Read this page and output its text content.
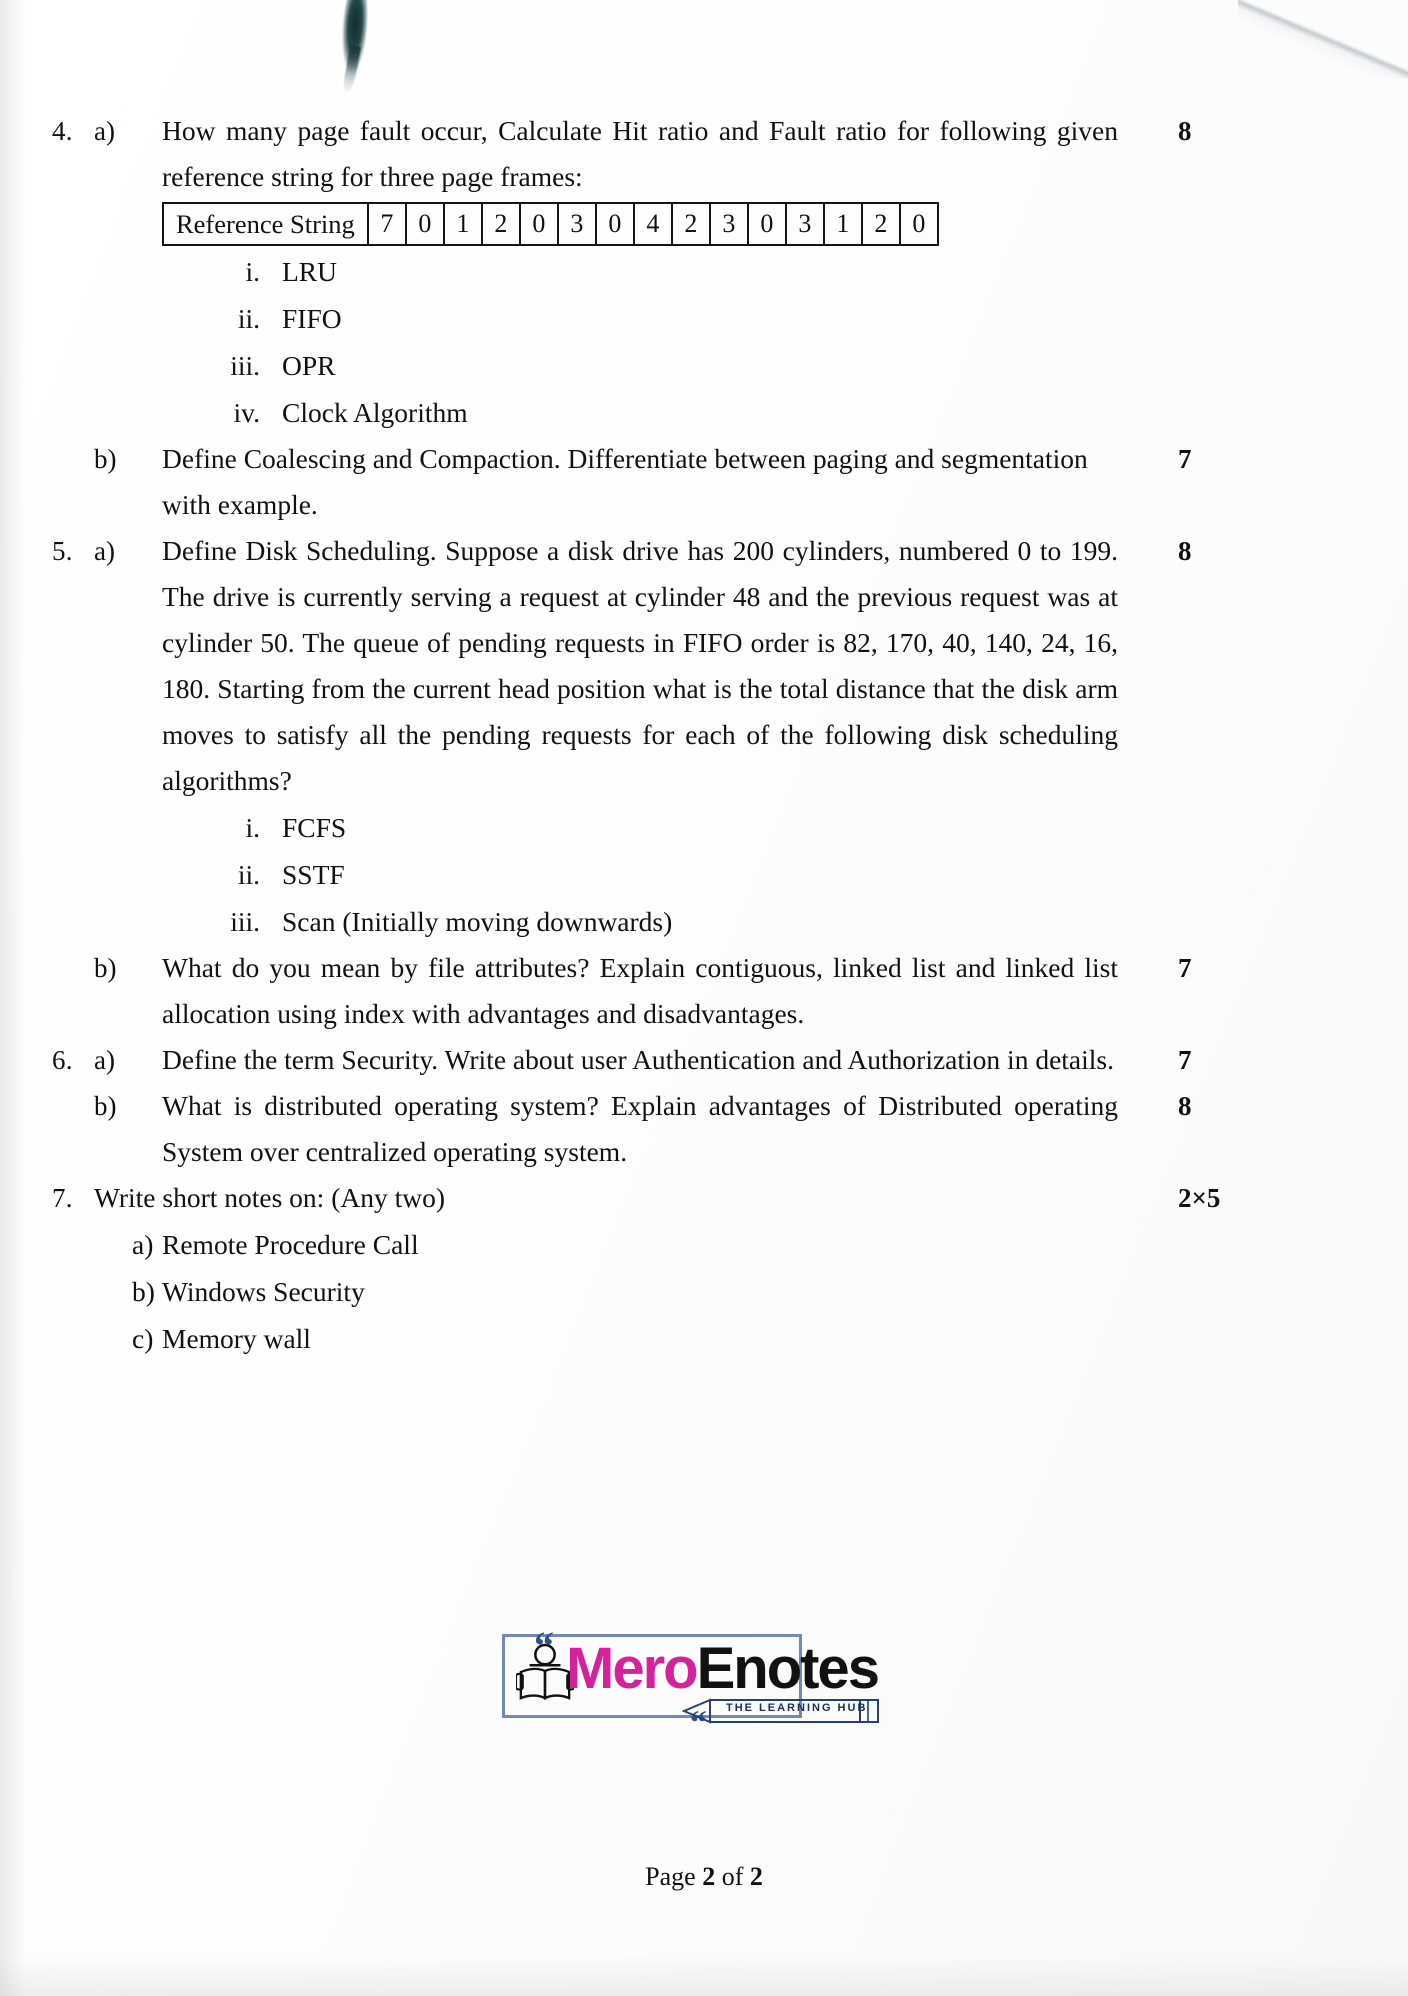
4. a)	How many page fault occur, Calculate Hit ratio and Fault ratio for following given reference string for three page frames:
8
Reference String	7	0	1	2	0	3	0	4	2	3	0	3	1	2	0
i. LRU
ii. FIFO
iii. OPR
iv. Clock Algorithm
b)	Define Coalescing and Compaction. Differentiate between paging and segmentation with example.
7
5. a)	Define Disk Scheduling. Suppose a disk drive has 200 cylinders, numbered 0 to 199. The drive is currently serving a request at cylinder 48 and the previous request was at cylinder 50. The queue of pending requests in FIFO order is 82, 170, 40, 140, 24, 16, 180. Starting from the current head position what is the total distance that the disk arm moves to satisfy all the pending requests for each of the following disk scheduling algorithms?
8
i. FCFS
ii. SSTF
iii. Scan (Initially moving downwards)
b)	What do you mean by file attributes? Explain contiguous, linked list and linked list allocation using index with advantages and disadvantages.
7
6. a)	Define the term Security. Write about user Authentication and Authorization in details.	7
b)	What is distributed operating system? Explain advantages of Distributed operating System over centralized operating system.
8
7. Write short notes on: (Any two)	2×5
a) Remote Procedure Call
b) Windows Security
c) Memory wall
“
”
MeroEnotes
THE LEARNING HUB
Page 2 of 2
